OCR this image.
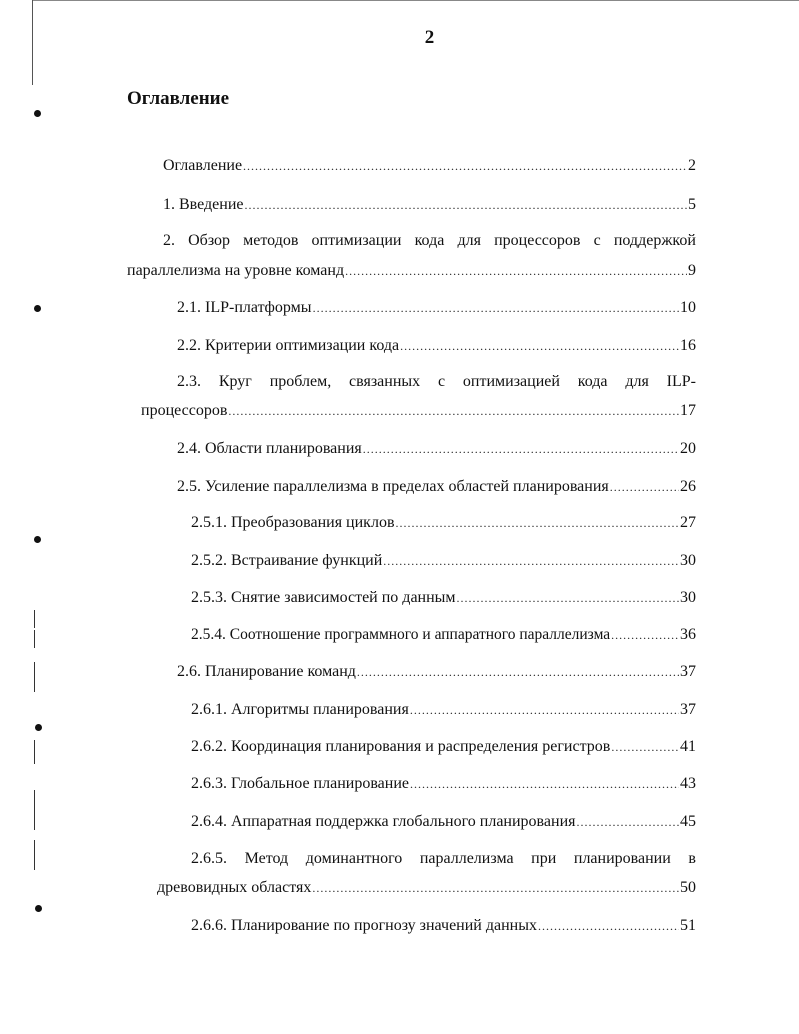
2
Оглавление
Оглавление .....	2
1. Введение .....	5
2. Обзор методов оптимизации кода для процессоров с поддержкой
параллелизма на уровне команд .....	9
2.1. ILP-платформы .....	10
2.2. Критерии оптимизации кода .....	16
2.3. Круг проблем, связанных с оптимизацией кода для ILP-
процессоров .....	17
2.4. Области планирования .....	20
2.5. Усиление параллелизма в пределах областей планирования .....	26
2.5.1. Преобразования циклов .....	27
2.5.2. Встраивание функций .....	30
2.5.3. Снятие зависимостей по данным .....	30
2.5.4. Соотношение программного и аппаратного параллелизма .....	36
2.6. Планирование команд .....	37
2.6.1. Алгоритмы планирования .....	37
2.6.2. Координация планирования и распределения регистров .....	41
2.6.3. Глобальное планирование .....	43
2.6.4. Аппаратная поддержка глобального планирования .....	45
2.6.5. Метод доминантного параллелизма при планировании в
древовидных областях .....	50
2.6.6. Планирование по прогнозу значений данных .....	51
